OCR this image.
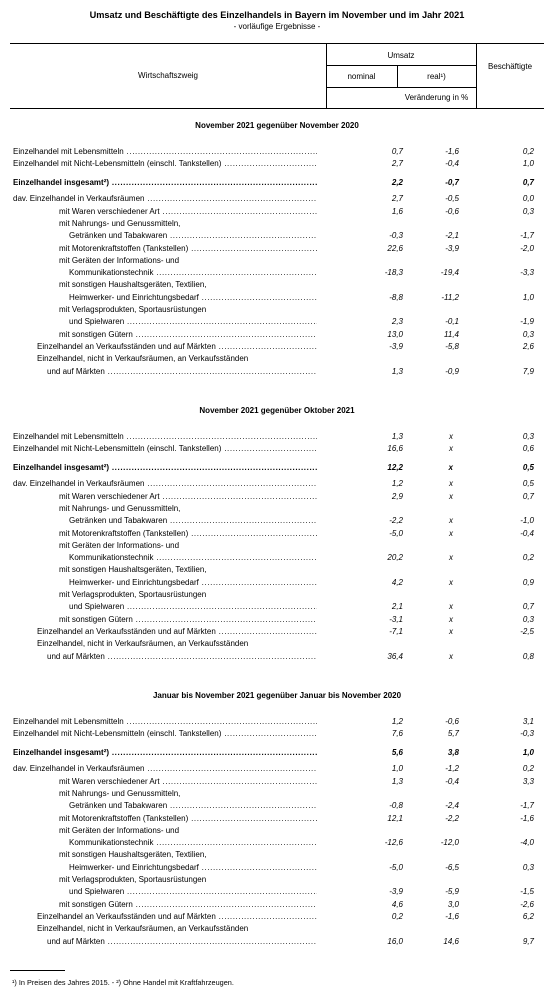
Umsatz und Beschäftigte des Einzelhandels in Bayern im November und im Jahr 2021
- vorläufige Ergebnisse -
Wirtschaftszweig
Umsatz
Beschäftigte
nominal	real¹)
Veränderung in %
November 2021 gegenüber November 2020
Einzelhandel mit Lebensmitteln .....	0,7	-1,6	0,2
Einzelhandel mit Nicht-Lebensmitteln (einschl. Tankstellen) .....	2,7	-0,4	1,0
Einzelhandel insgesamt²) .....	2,2	-0,7	0,7
dav. Einzelhandel in Verkaufsräumen .....	2,7	-0,5	0,0
mit Waren verschiedener Art .....	1,6	-0,6	0,3
mit Nahrungs- und Genussmitteln,
Getränken und Tabakwaren .....	-0,3	-2,1	-1,7
mit Motorenkraftstoffen (Tankstellen) .....	22,6	-3,9	-2,0
mit Geräten der Informations- und
Kommunikationstechnik .....	-18,3	-19,4	-3,3
mit sonstigen Haushaltsgeräten, Textilien,
Heimwerker- und Einrichtungsbedarf .....	-8,8	-11,2	1,0
mit Verlagsprodukten, Sportausrüstungen
und Spielwaren .....	2,3	-0,1	-1,9
mit sonstigen Gütern .....	13,0	11,4	0,3
Einzelhandel an Verkaufsständen und auf Märkten .....	-3,9	-5,8	2,6
Einzelhandel, nicht in Verkaufsräumen, an Verkaufsständen
und auf Märkten .....	1,3	-0,9	7,9
November 2021 gegenüber Oktober 2021
Einzelhandel mit Lebensmitteln .....	1,3	x	0,3
Einzelhandel mit Nicht-Lebensmitteln (einschl. Tankstellen) .....	16,6	x	0,6
Einzelhandel insgesamt²) .....	12,2	x	0,5
dav. Einzelhandel in Verkaufsräumen .....	1,2	x	0,5
mit Waren verschiedener Art .....	2,9	x	0,7
mit Nahrungs- und Genussmitteln,
Getränken und Tabakwaren .....	-2,2	x	-1,0
mit Motorenkraftstoffen (Tankstellen) .....	-5,0	x	-0,4
mit Geräten der Informations- und
Kommunikationstechnik .....	20,2	x	0,2
mit sonstigen Haushaltsgeräten, Textilien,
Heimwerker- und Einrichtungsbedarf .....	4,2	x	0,9
mit Verlagsprodukten, Sportausrüstungen
und Spielwaren .....	2,1	x	0,7
mit sonstigen Gütern .....	-3,1	x	0,3
Einzelhandel an Verkaufsständen und auf Märkten .....	-7,1	x	-2,5
Einzelhandel, nicht in Verkaufsräumen, an Verkaufsständen
und auf Märkten .....	36,4	x	0,8
Januar bis November 2021 gegenüber Januar bis November 2020
Einzelhandel mit Lebensmitteln .....	1,2	-0,6	3,1
Einzelhandel mit Nicht-Lebensmitteln (einschl. Tankstellen) .....	7,6	5,7	-0,3
Einzelhandel insgesamt²) .....	5,6	3,8	1,0
dav. Einzelhandel in Verkaufsräumen .....	1,0	-1,2	0,2
mit Waren verschiedener Art .....	1,3	-0,4	3,3
mit Nahrungs- und Genussmitteln,
Getränken und Tabakwaren .....	-0,8	-2,4	-1,7
mit Motorenkraftstoffen (Tankstellen) .....	12,1	-2,2	-1,6
mit Geräten der Informations- und
Kommunikationstechnik .....	-12,6	-12,0	-4,0
mit sonstigen Haushaltsgeräten, Textilien,
Heimwerker- und Einrichtungsbedarf .....	-5,0	-6,5	0,3
mit Verlagsprodukten, Sportausrüstungen
und Spielwaren .....	-3,9	-5,9	-1,5
mit sonstigen Gütern .....	4,6	3,0	-2,6
Einzelhandel an Verkaufsständen und auf Märkten .....	0,2	-1,6	6,2
Einzelhandel, nicht in Verkaufsräumen, an Verkaufsständen
und auf Märkten .....	16,0	14,6	9,7
¹) In Preisen des Jahres 2015. - ²) Ohne Handel mit Kraftfahrzeugen.
